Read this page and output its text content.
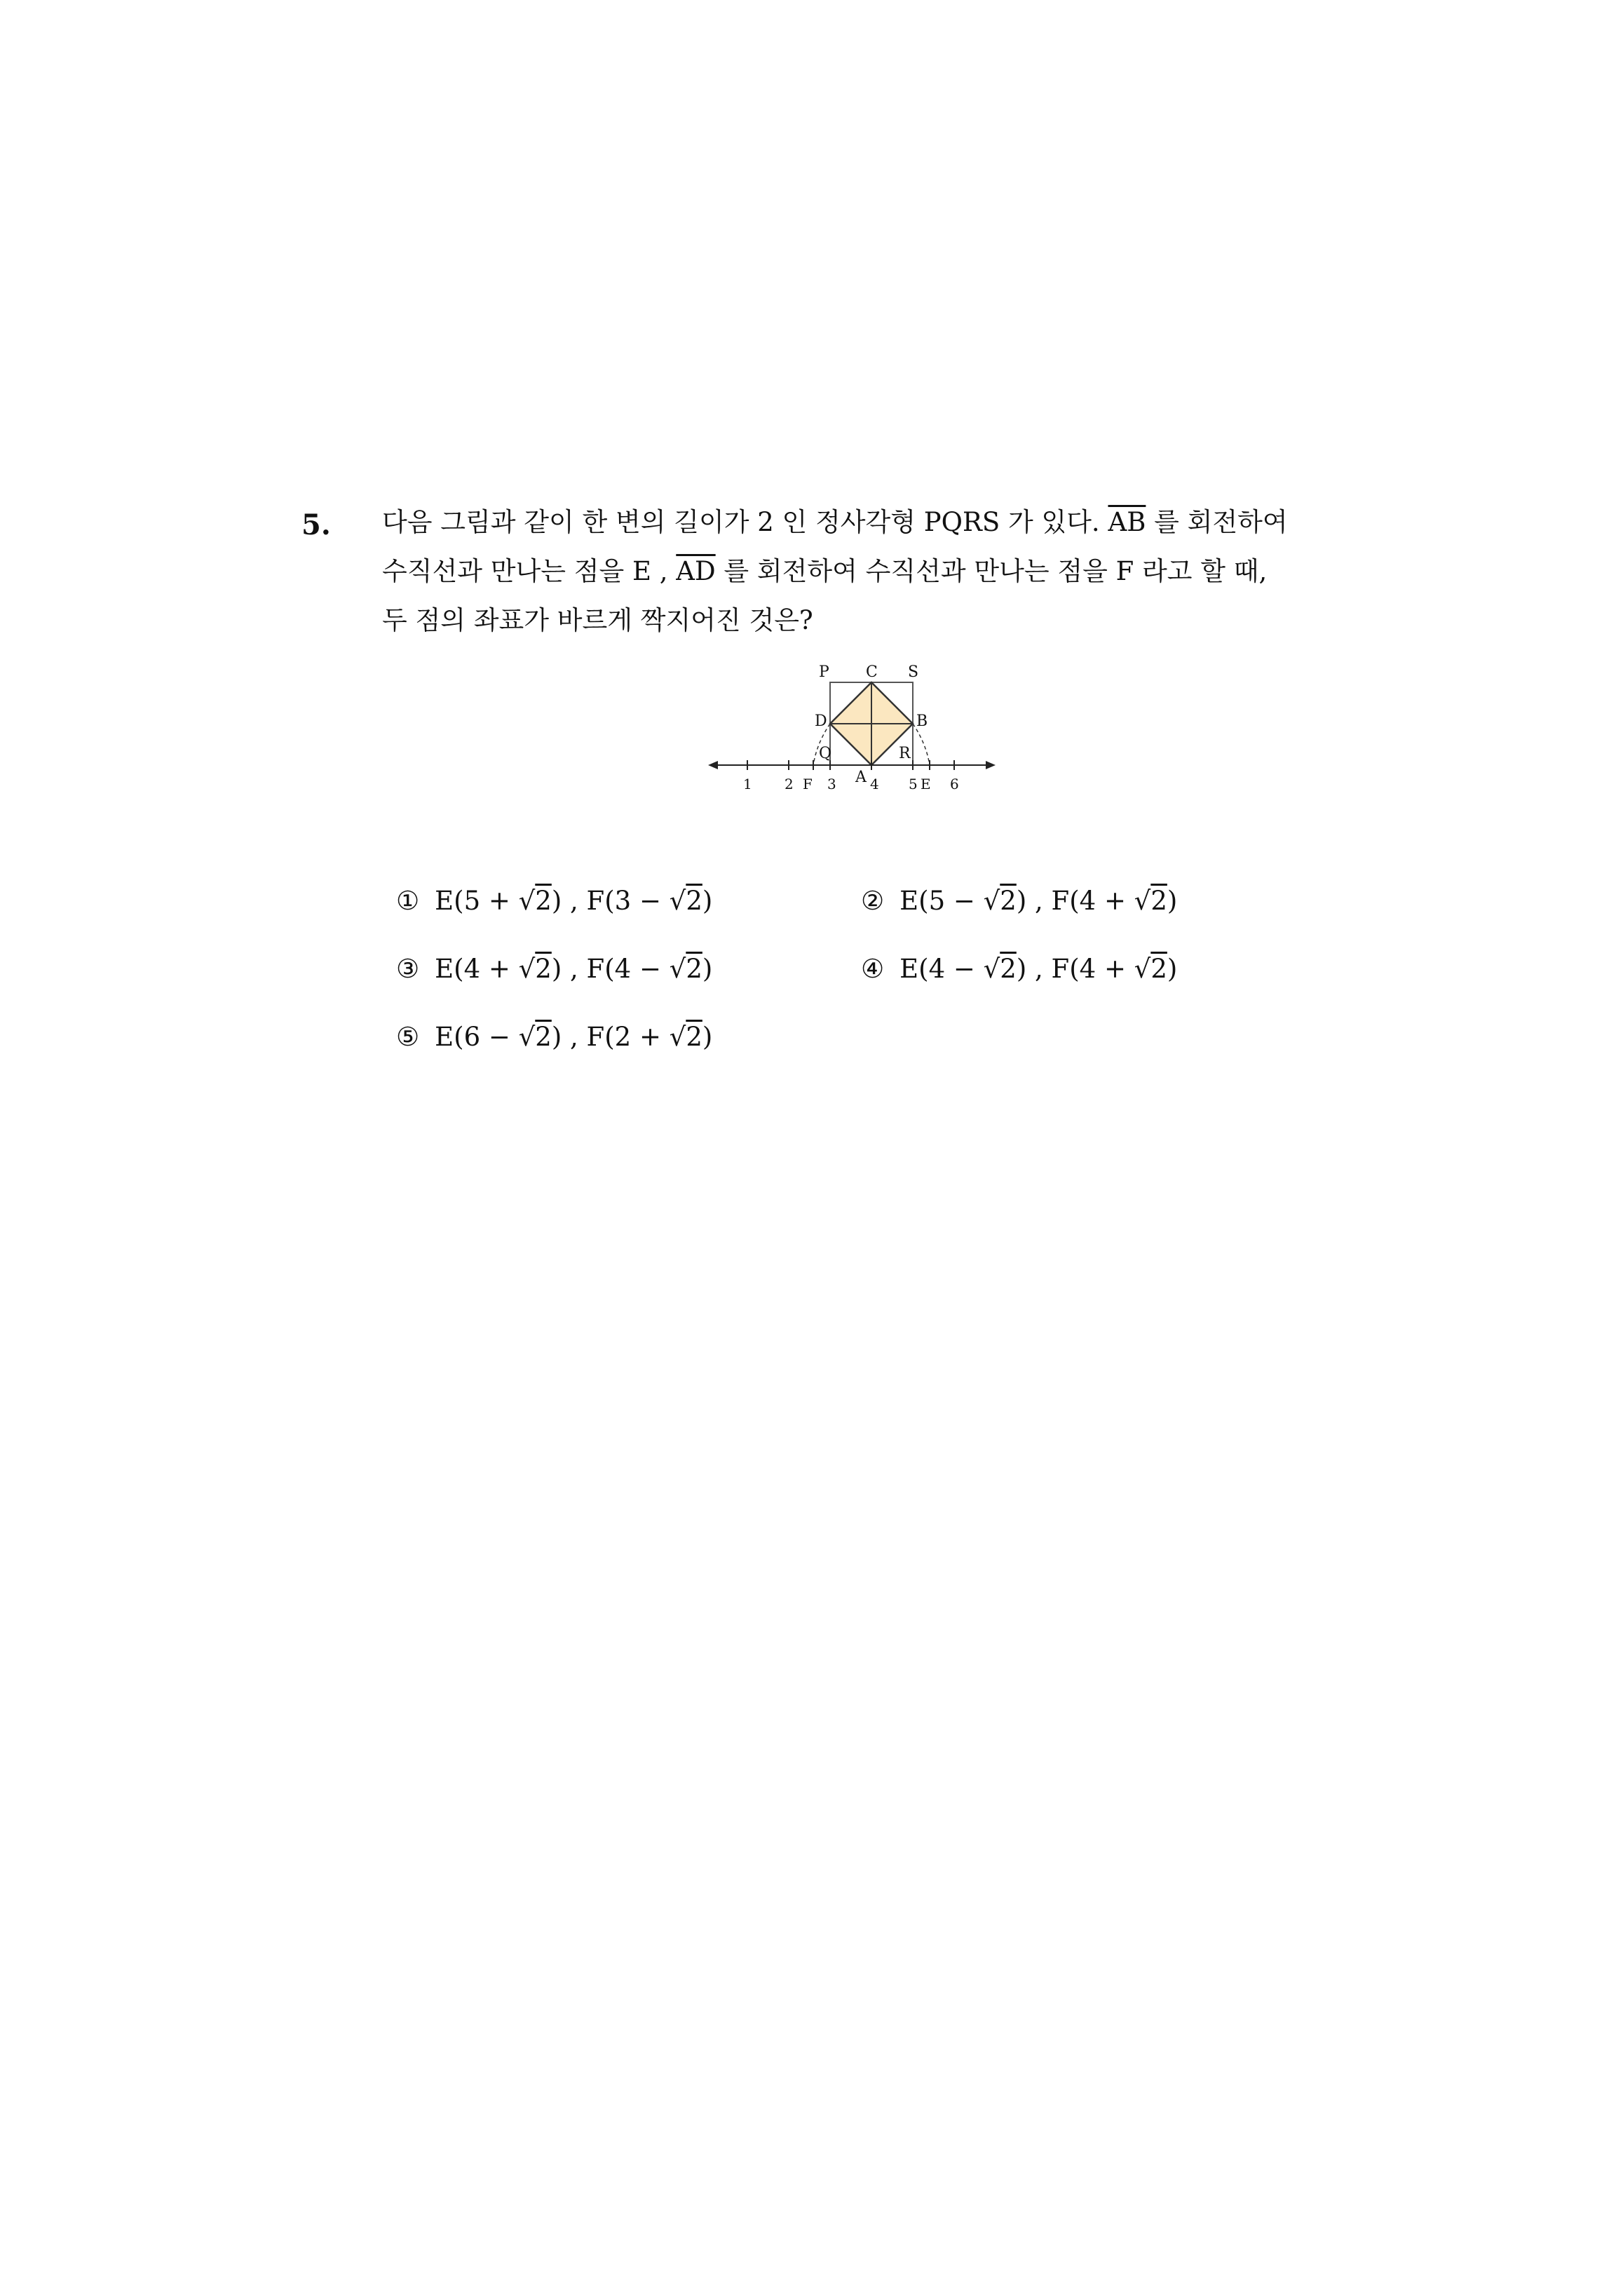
5. 다음 그림과 같이 한 변의 길이가 2 인 정사각형 PQRS 가 있다. $\overline{AB}$ 를 회전하여
수직선과 만나는 점을 E , $\overline{AD}$ 를 회전하여 수직선과 만나는 점을 F 라고 할 때,
두 점의 좌표가 바르게 짝지어진 것은?
P C S
D	B
Q	R
A
1 2 F 3 4 5 E 6
① E(5 + √2) , F(3 − √2)	② E(5 − √2) , F(4 + √2)
③ E(4 + √2) , F(4 − √2)	④ E(4 − √2) , F(4 + √2)
⑤ E(6 − √2) , F(2 + √2)
